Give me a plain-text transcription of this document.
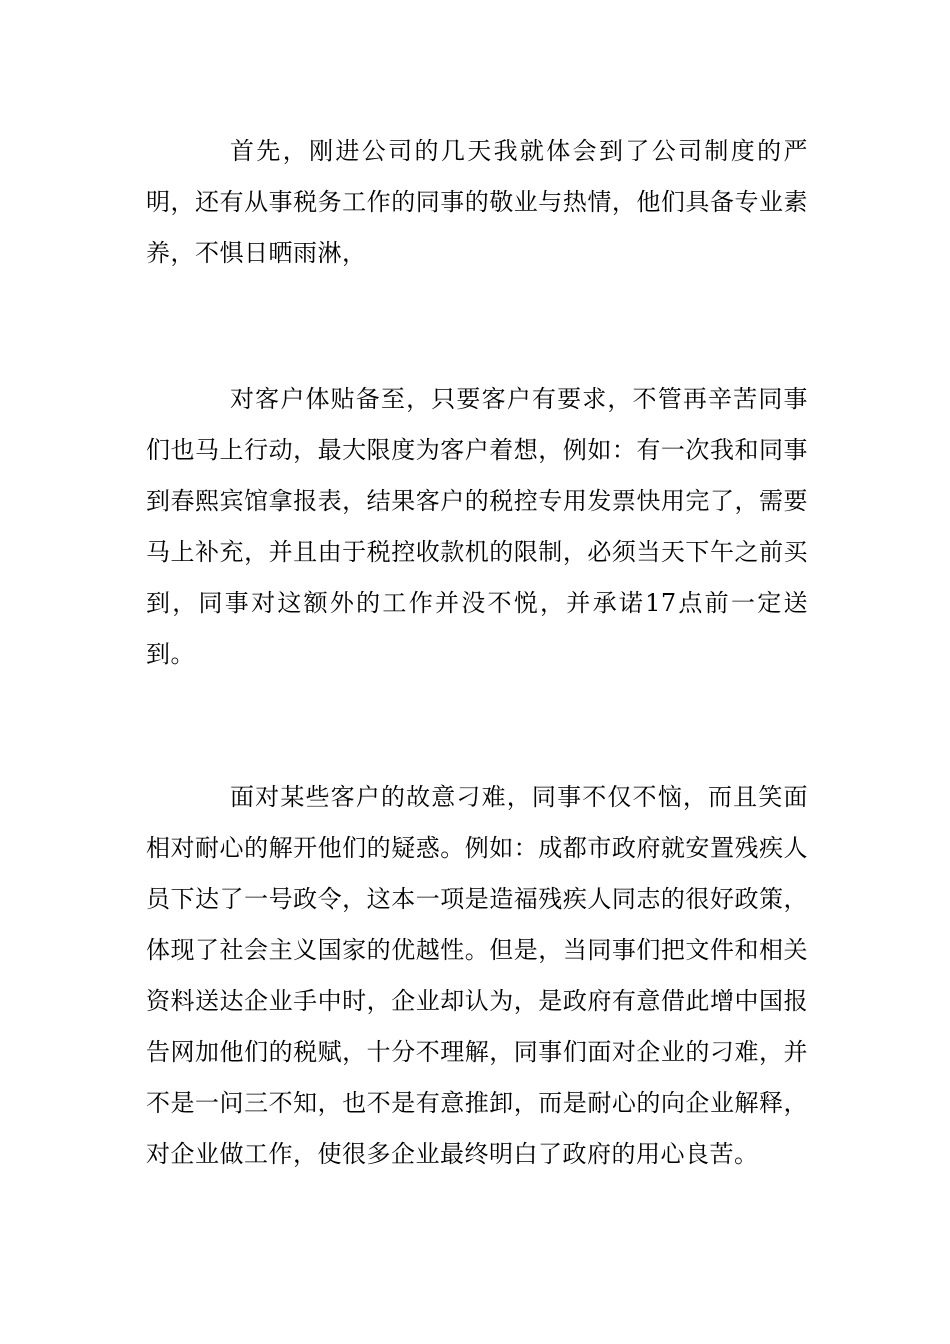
首先，刚进公司的几天我就体会到了公司制度的严明，还有从事税务工作的同事的敬业与热情，他们具备专业素养，不惧日晒雨淋，

对客户体贴备至，只要客户有要求，不管再辛苦同事们也马上行动，最大限度为客户着想，例如：有一次我和同事到春熙宾馆拿报表，结果客户的税控专用发票快用完了，需要马上补充，并且由于税控收款机的限制，必须当天下午之前买到，同事对这额外的工作并没不悦，并承诺17点前一定送到。

面对某些客户的故意刁难，同事不仅不恼，而且笑面相对耐心的解开他们的疑惑。例如：成都市政府就安置残疾人员下达了一号政令，这本一项是造福残疾人同志的很好政策，体现了社会主义国家的优越性。但是，当同事们把文件和相关资料送达企业手中时，企业却认为，是政府有意借此增中国报告网加他们的税赋，十分不理解，同事们面对企业的刁难，并不是一问三不知，也不是有意推卸，而是耐心的向企业解释，对企业做工作，使很多企业最终明白了政府的用心良苦。
